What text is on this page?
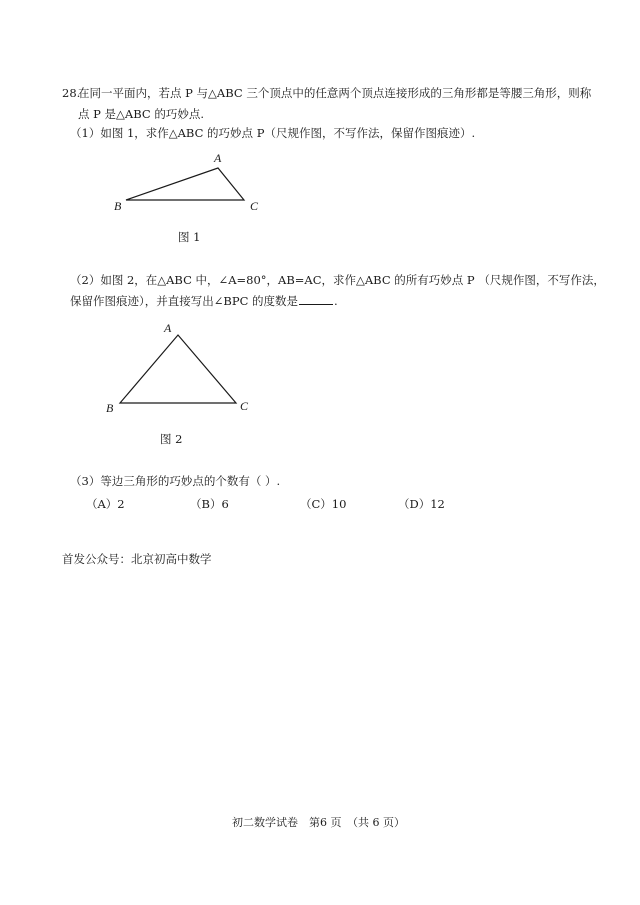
28.
在同一平面内，若点 P 与△ABC 三个顶点中的任意两个顶点连接形成的三角形都是等腰三角形，则称
点 P 是△ABC 的巧妙点.
（1）如图 1，求作△ABC 的巧妙点 P（尺规作图，不写作法，保留作图痕迹）.
A
B	C
图 1
（2）如图 2，在△ABC 中，∠A=80°，AB=AC，求作△ABC 的所有巧妙点 P （尺规作图，不写作法，
保留作图痕迹），并直接写出∠BPC 的度数是	.
A
B	C
图 2
（3）等边三角形的巧妙点的个数有（ ）.
（A）2	（B）6	（C）10	（D）12
首发公众号：北京初高中数学
初二数学试卷　第6 页　（共 6 页）
